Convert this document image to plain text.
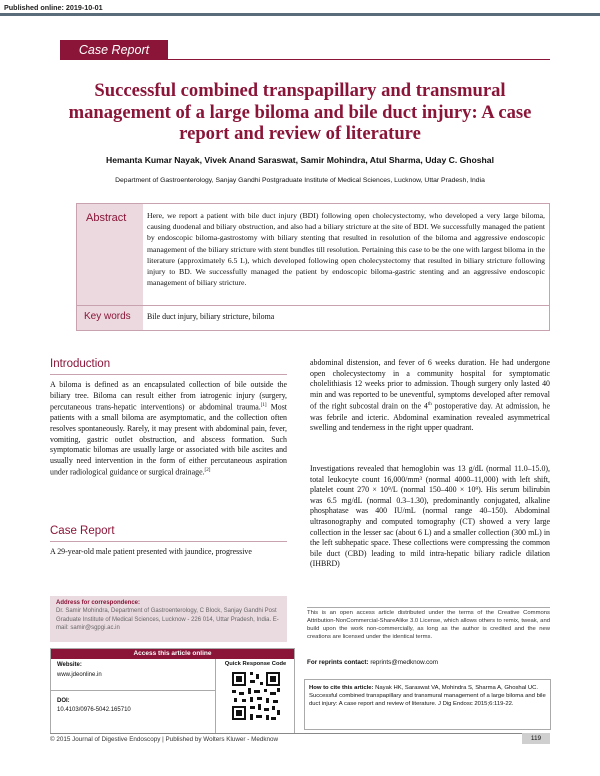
Published online: 2019-10-01
Case Report
Successful combined transpapillary and transmural management of a large biloma and bile duct injury: A case report and review of literature
Hemanta Kumar Nayak, Vivek Anand Saraswat, Samir Mohindra, Atul Sharma, Uday C. Ghoshal
Department of Gastroenterology, Sanjay Gandhi Postgraduate Institute of Medical Sciences, Lucknow, Uttar Pradesh, India
Abstract	Here, we report a patient with bile duct injury (BDI) following open cholecystectomy, who developed a very large biloma, causing duodenal and biliary obstruction, and also had a biliary stricture at the site of BDI. We successfully managed the patient by endoscopic biloma-gastrostomy with biliary stenting that resulted in resolution of the biloma and aggressive endoscopic management of the biliary stricture with stent bundles till resolution. Pertaining this case to be the one with largest biloma in the literature (approximately 6.5 L), which developed following open cholecystectomy that resulted in biliary stricture following injury to BD. We successfully managed the patient by endoscopic biloma-gastric stenting and an aggressive endoscopic management of biliary stricture.
Key words Bile duct injury, biliary stricture, biloma
Introduction
A biloma is defined as an encapsulated collection of bile outside the biliary tree. Biloma can result either from iatrogenic injury (surgery, percutaneous trans-hepatic interventions) or abdominal trauma.[1] Most patients with a small biloma are asymptomatic, and the collection often resolves spontaneously. Rarely, it may present with abdominal pain, fever, vomiting, gastric outlet obstruction, and abscess formation. Such symptomatic bilomas are usually large or associated with bile ascites and usually need intervention in the form of either percutaneous aspiration under radiological guidance or surgical drainage.[2]
Case Report
A 29-year-old male patient presented with jaundice, progressive
abdominal distension, and fever of 6 weeks duration. He had undergone open cholecystectomy in a community hospital for symptomatic cholelithiasis 12 weeks prior to admission. Though surgery only lasted 40 min and was reported to be uneventful, symptoms developed after removal of the right subcostal drain on the 4th postoperative day. At admission, he was febrile and icteric. Abdominal examination revealed asymmetrical swelling and tenderness in the right upper quadrant.
Investigations revealed that hemoglobin was 13 g/dL (normal 11.0–15.0), total leukocyte count 16,000/mm³ (normal 4000–11,000) with left shift, platelet count 270 × 10⁹/L (normal 150–400 × 10⁹). His serum bilirubin was 6.5 mg/dL (normal 0.3–1.30), predominantly conjugated, alkaline phosphatase was 400 IU/mL (normal range 40–150). Abdominal ultrasonography and computed tomography (CT) showed a very large collection in the lesser sac (about 6 L) and a smaller collection (300 mL) in the left subhepatic space. These collections were compressing the common bile duct (CBD) leading to mild intra-hepatic biliary radicle dilation (IHBRD)
Address for correspondence:
Dr. Samir Mohindra, Department of Gastroenterology, C Block, Sanjay Gandhi Post Graduate Institute of Medical Sciences, Lucknow - 226 014, Uttar Pradesh, India. E-mail: samir@sgpgi.ac.in
Access this article online
Website:
www.jdeonline.in
DOI:
10.4103/0976-5042.165710
Quick Response Code
This is an open access article distributed under the terms of the Creative Commons Attribution-NonCommercial-ShareAlike 3.0 License, which allows others to remix, tweak, and build upon the work non-commercially, as long as the author is credited and the new creations are licensed under the identical terms.
For reprints contact: reprints@medknow.com
How to cite this article: Nayak HK, Saraswat VA, Mohindra S, Sharma A, Ghoshal UC. Successful combined transpapillary and transmural management of a large biloma and bile duct injury: A case report and review of literature. J Dig Endosc 2015;6:119-22.
© 2015 Journal of Digestive Endoscopy | Published by Wolters Kluwer - Medknow	119
